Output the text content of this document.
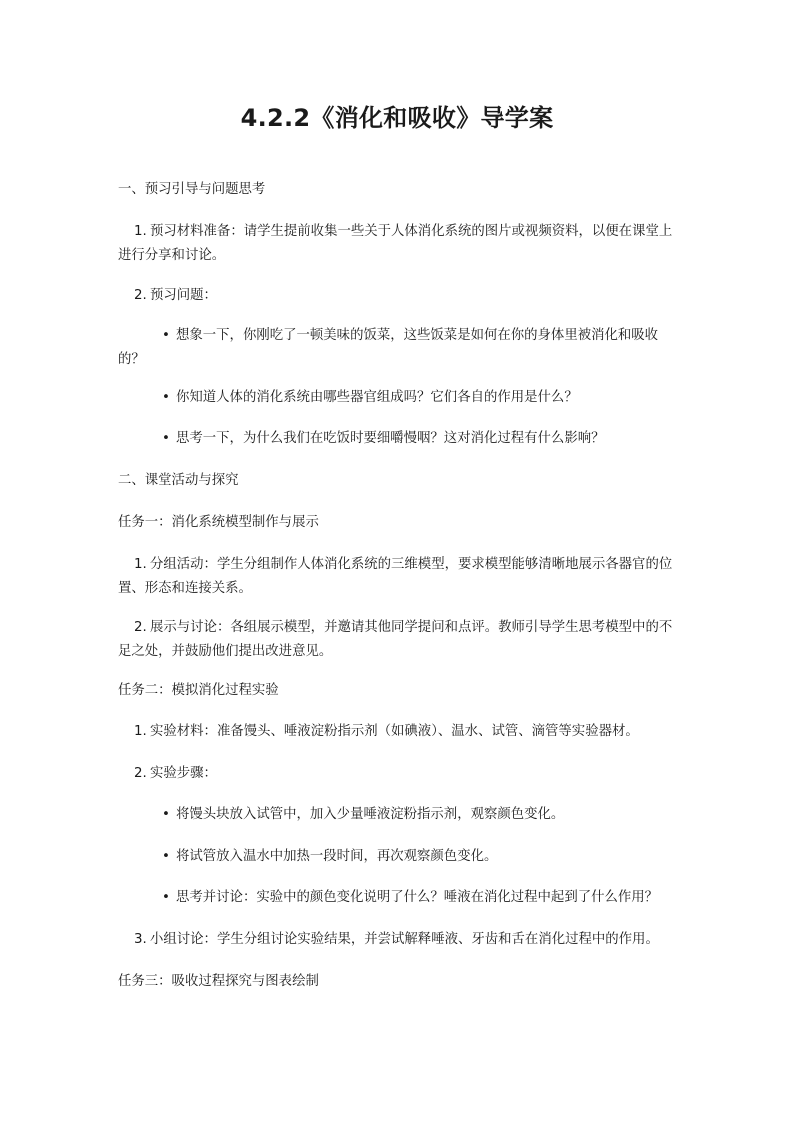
4.2.2《消化和吸收》导学案

一、预习引导与问题思考

1. 预习材料准备：请学生提前收集一些关于人体消化系统的图片或视频资料，以便在课堂上进行分享和讨论。

2. 预习问题：

• 想象一下，你刚吃了一顿美味的饭菜，这些饭菜是如何在你的身体里被消化和吸收的？

• 你知道人体的消化系统由哪些器官组成吗？它们各自的作用是什么？

• 思考一下，为什么我们在吃饭时要细嚼慢咽？这对消化过程有什么影响？

二、课堂活动与探究

任务一：消化系统模型制作与展示

1. 分组活动：学生分组制作人体消化系统的三维模型，要求模型能够清晰地展示各器官的位置、形态和连接关系。

2. 展示与讨论：各组展示模型，并邀请其他同学提问和点评。教师引导学生思考模型中的不足之处，并鼓励他们提出改进意见。

任务二：模拟消化过程实验

1. 实验材料：准备馒头、唾液淀粉指示剂（如碘液）、温水、试管、滴管等实验器材。

2. 实验步骤：

• 将馒头块放入试管中，加入少量唾液淀粉指示剂，观察颜色变化。

• 将试管放入温水中加热一段时间，再次观察颜色变化。

• 思考并讨论：实验中的颜色变化说明了什么？唾液在消化过程中起到了什么作用？

3. 小组讨论：学生分组讨论实验结果，并尝试解释唾液、牙齿和舌在消化过程中的作用。

任务三：吸收过程探究与图表绘制
